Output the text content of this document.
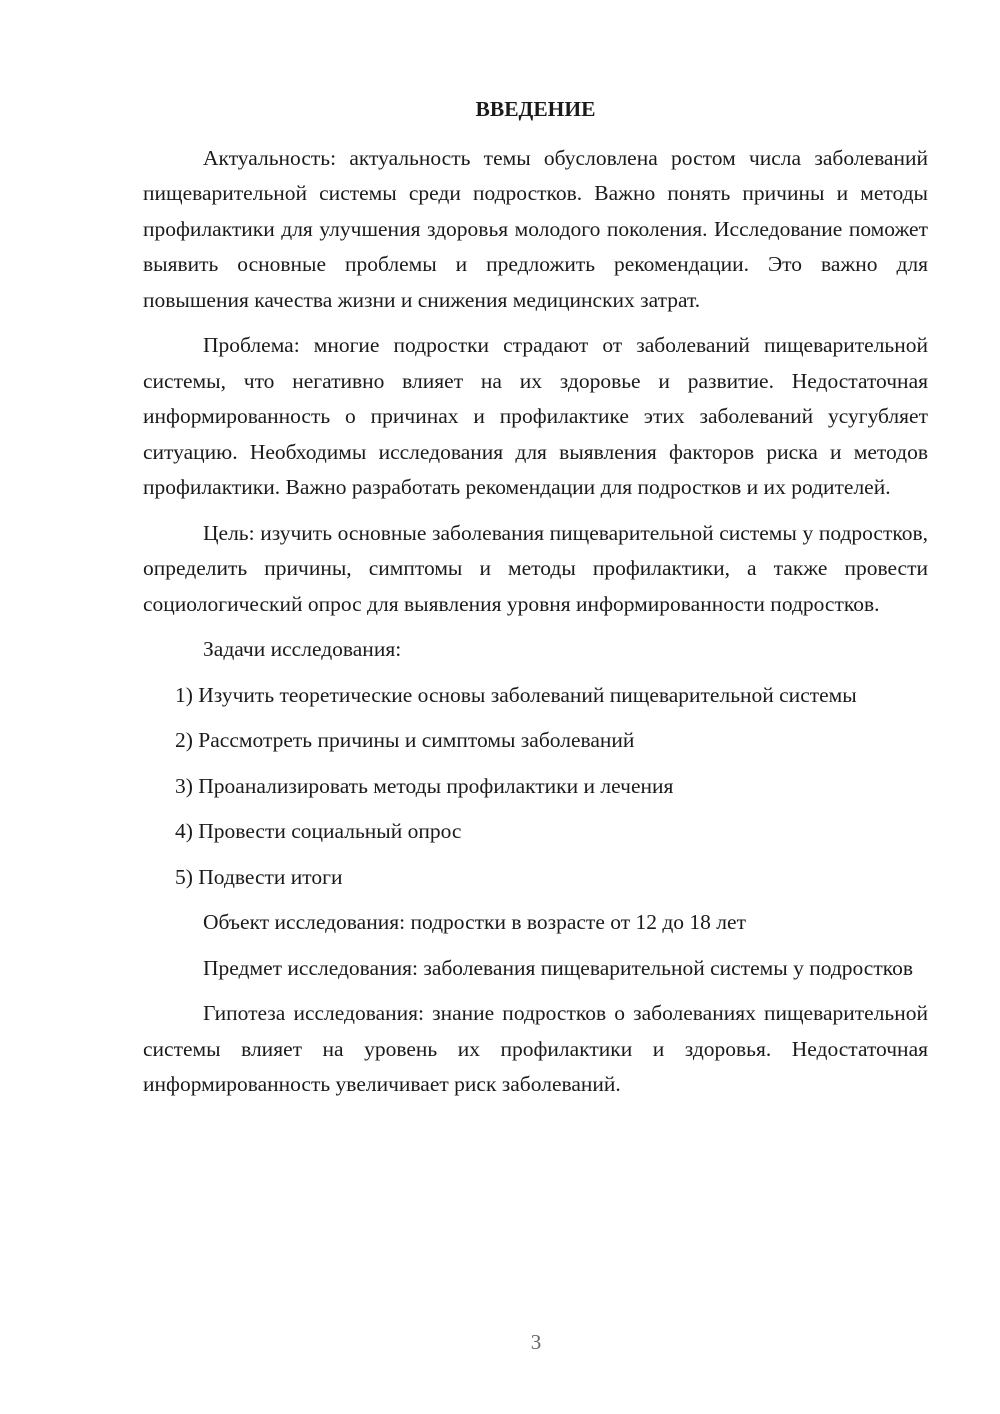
ВВЕДЕНИЕ

Актуальность: актуальность темы обусловлена ростом числа заболеваний пищеварительной системы среди подростков. Важно понять причины и методы профилактики для улучшения здоровья молодого поколения. Исследование поможет выявить основные проблемы и предложить рекомендации. Это важно для повышения качества жизни и снижения медицинских затрат.

Проблема: многие подростки страдают от заболеваний пищеварительной системы, что негативно влияет на их здоровье и развитие. Недостаточная информированность о причинах и профилактике этих заболеваний усугубляет ситуацию. Необходимы исследования для выявления факторов риска и методов профилактики. Важно разработать рекомендации для подростков и их родителей.

Цель: изучить основные заболевания пищеварительной системы у подростков, определить причины, симптомы и методы профилактики, а также провести социологический опрос для выявления уровня информированности подростков.

Задачи исследования:

1) Изучить теоретические основы заболеваний пищеварительной системы
2) Рассмотреть причины и симптомы заболеваний
3) Проанализировать методы профилактики и лечения
4) Провести социальный опрос
5) Подвести итоги

Объект исследования: подростки в возрасте от 12 до 18 лет

Предмет исследования: заболевания пищеварительной системы у подростков

Гипотеза исследования: знание подростков о заболеваниях пищеварительной системы влияет на уровень их профилактики и здоровья. Недостаточная информированность увеличивает риск заболеваний.

3
